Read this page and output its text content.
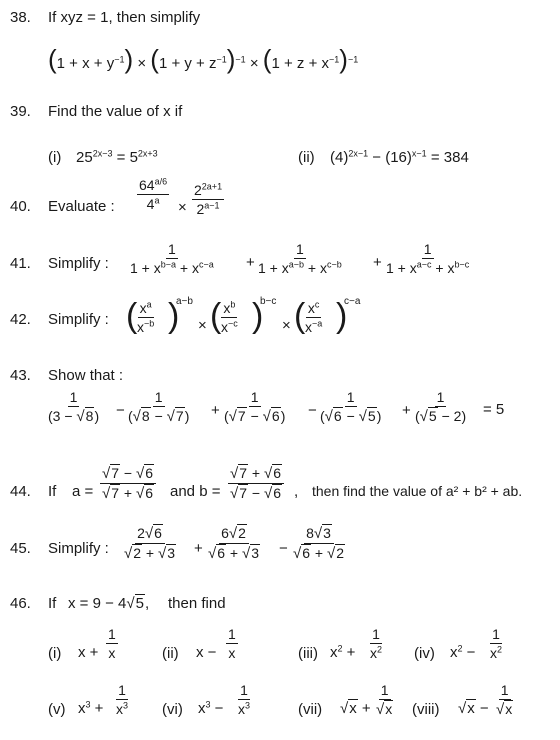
38. If xyz = 1, then simplify
$(1 + x + y^{-1}) \times (1 + y + z^{-1})^{-1} \times (1 + z + x^{-1})^{-1}$
39. Find the value of x if
(i) $25^{2x-3} = 5^{2x+3}$	(ii) $(4)^{2x-1} - (16)^{x-1} = 384$
40. Evaluate : $\frac{64^{a/6}}{4^a} \times \frac{2^{2a+1}}{2^{a-1}}$
41. Simplify : $\frac{1}{1 + x^{b-a} + x^{c-a}} + \frac{1}{1 + x^{a-b} + x^{c-b}} + \frac{1}{1 + x^{a-c} + x^{b-c}}$
42. Simplify : ( $\frac{x^a}{x^{-b}}$ )
a−b
× ( $\frac{x^b}{x^{-c}}$ )
b−c
× ( $\frac{x^c}{x^{-a}}$ )
c−a
43. Show that :
$\frac{1}{(3 - √8)} - \frac{1}{(√8 - √7)} + \frac{1}{(√7 - √6)} - \frac{1}{(√6 - √5)} + \frac{1}{(√5 - 2)} = 5$
44. If $a = \frac{√7 - √6}{√7 + √6}$ and $b = \frac{√7 + √6}{√7 - √6}$ , then find the value of a² + b² + ab.
45. Simplify : $\frac{2√6}{√2 + √3} + \frac{6√2}{√6 + √3} - \frac{8√3}{√6 + √2}$
46. If x = 9 − 4√5, then find
(i) $x + \frac{1}{x}$	(ii) $x - \frac{1}{x}$	(iii) $x^2 + \frac{1}{x^2} (iv) x^2 - \frac{1}{x^2}$
(v) $x^3 + \frac{1}{x^3} (vi) x^3 - \frac{1}{x^3}$	(vii) $√x + \frac{1}{√x}$ (viii) $√x - \frac{1}{√x}$
